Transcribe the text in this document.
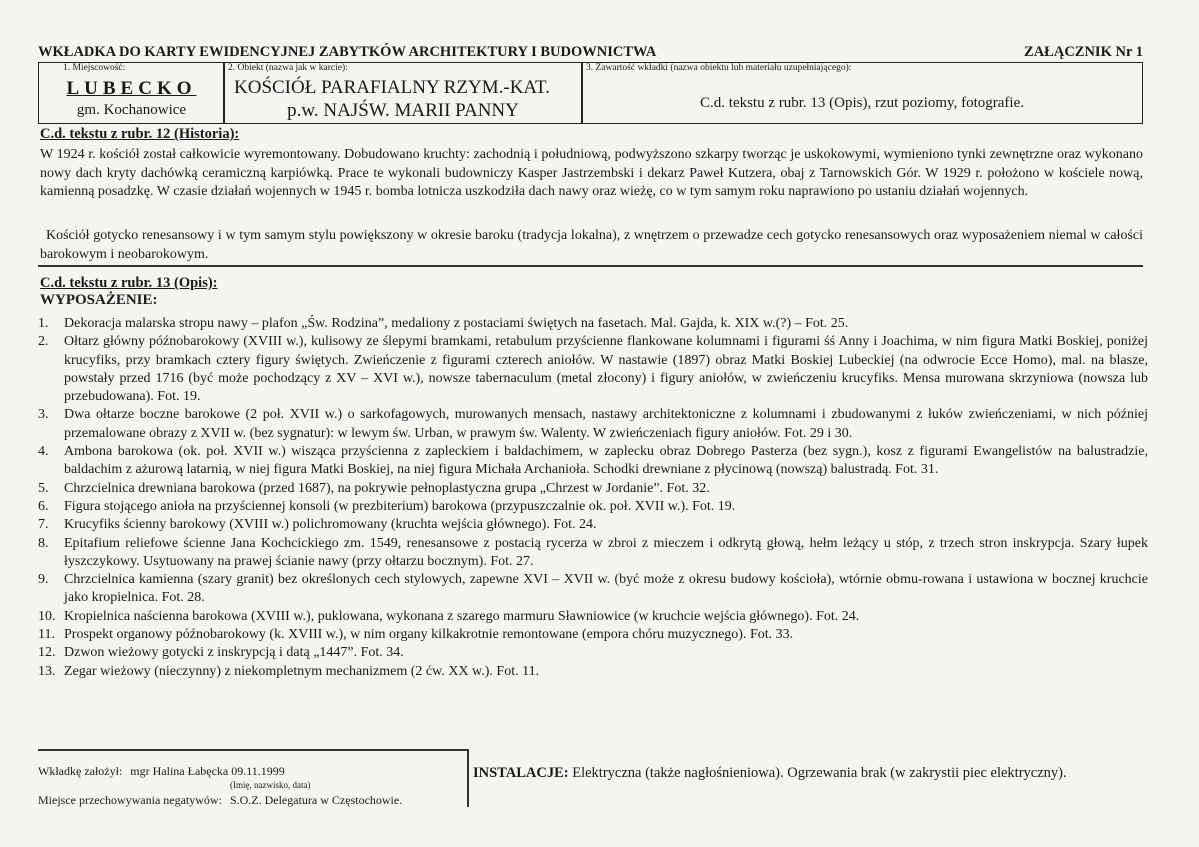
WKŁADKA DO KARTY EWIDENCYJNEJ ZABYTKÓW ARCHITEKTURY I BUDOWNICTWA	ZAŁĄCZNIK Nr 1
1. Miejscowość:
LUBECKO
gm. Kochanowice
2. Obiekt (nazwa jak w karcie):
KOŚCIÓŁ PARAFIALNY RZYM.-KAT.
p.w. NAJŚW. MARII PANNY
3. Zawartość wkładki (nazwa obiektu lub materiału uzupełniającego):
C.d. tekstu z rubr. 13 (Opis), rzut poziomy, fotografie.
C.d. tekstu z rubr. 12 (Historia):
W 1924 r. kościół został całkowicie wyremontowany. Dobudowano kruchty: zachodnią i południową, podwyższono szkarpy tworząc je uskokowymi, wymieniono tynki zewnętrzne oraz wykonano nowy dach kryty dachówką ceramiczną karpiówką. Prace te wykonali budowniczy Kasper Jastrzembski i dekarz Paweł Kutzera, obaj z Tarnowskich Gór. W 1929 r. położono w kościele nową, kamienną posadzkę. W czasie działań wojennych w 1945 r. bomba lotnicza uszkodziła dach nawy oraz wieżę, co w tym samym roku naprawiono po ustaniu działań wojennych.
Kościół gotycko renesansowy i w tym samym stylu powiększony w okresie baroku (tradycja lokalna), z wnętrzem o przewadze cech gotycko renesansowych oraz wyposażeniem niemal w całości barokowym i neobarokowym.
C.d. tekstu z rubr. 13 (Opis):
WYPOSAŻENIE:
1.	Dekoracja malarska stropu nawy – plafon „Św. Rodzina”, medaliony z postaciami świętych na fasetach. Mal. Gajda, k. XIX w.(?) – Fot. 25.
2.	Ołtarz główny późnobarokowy (XVIII w.), kulisowy ze ślepymi bramkami, retabulum przyścienne flankowane kolumnami i figurami śś Anny i Joachima, w nim figura Matki Boskiej, poniżej krucyfiks, przy bramkach cztery figury świętych. Zwieńczenie z figurami czterech aniołów. W nastawie (1897) obraz Matki Boskiej Lubeckiej (na odwrocie Ecce Homo), mal. na blasze, powstały przed 1716 (być może pochodzący z XV – XVI w.), nowsze tabernaculum (metal złocony) i figury aniołów, w zwieńczeniu krucyfiks. Mensa murowana skrzyniowa (nowsza lub przebudowana). Fot. 19.
3.	Dwa ołtarze boczne barokowe (2 poł. XVII w.) o sarkofagowych, murowanych mensach, nastawy architektoniczne z kolumnami i zbudowanymi z łuków zwieńczeniami, w nich później przemalowane obrazy z XVII w. (bez sygnatur): w lewym św. Urban, w prawym św. Walenty. W zwieńczeniach figury aniołów. Fot. 29 i 30.
4.	Ambona barokowa (ok. poł. XVII w.) wisząca przyścienna z zapleckiem i baldachimem, w zaplecku obraz Dobrego Pasterza (bez sygn.), kosz z figurami Ewangelistów na balustradzie, baldachim z ażurową latarnią, w niej figura Matki Boskiej, na niej figura Michała Archanioła. Schodki drewniane z płycinową (nowszą) balustradą. Fot. 31.
5.	Chrzcielnica drewniana barokowa (przed 1687), na pokrywie pełnoplastyczna grupa „Chrzest w Jordanie”. Fot. 32.
6.	Figura stojącego anioła na przyściennej konsoli (w prezbiterium) barokowa (przypuszczalnie ok. poł. XVII w.). Fot. 19.
7.	Krucyfiks ścienny barokowy (XVIII w.) polichromowany (kruchta wejścia głównego). Fot. 24.
8.	Epitafium reliefowe ścienne Jana Kochcickiego zm. 1549, renesansowe z postacią rycerza w zbroi z mieczem i odkrytą głową, hełm leżący u stóp, z trzech stron inskrypcja. Szary łupek łyszczykowy. Usytuowany na prawej ścianie nawy (przy ołtarzu bocznym). Fot. 27.
9.	Chrzcielnica kamienna (szary granit) bez określonych cech stylowych, zapewne XVI – XVII w. (być może z okresu budowy kościoła), wtórnie obmu-rowana i ustawiona w bocznej kruchcie jako kropielnica. Fot. 28.
10. Kropielnica naścienna barokowa (XVIII w.), puklowana, wykonana z szarego marmuru Sławniowice (w kruchcie wejścia głównego). Fot. 24.
11. Prospekt organowy późnobarokowy (k. XVIII w.), w nim organy kilkakrotnie remontowane (empora chóru muzycznego). Fot. 33.
12. Dzwon wieżowy gotycki z inskrypcją i datą „1447”. Fot. 34.
13. Zegar wieżowy (nieczynny) z niekompletnym mechanizmem (2 ćw. XX w.). Fot. 11.
Wkładkę założył: mgr Halina Łabęcka 09.11.1999
(Imię, nazwisko, data)
Miejsce przechowywania negatywów: S.O.Z. Delegatura w Częstochowie.
INSTALACJE: Elektryczna (także nagłośnieniowa). Ogrzewania brak (w zakrystii piec elektryczny).
